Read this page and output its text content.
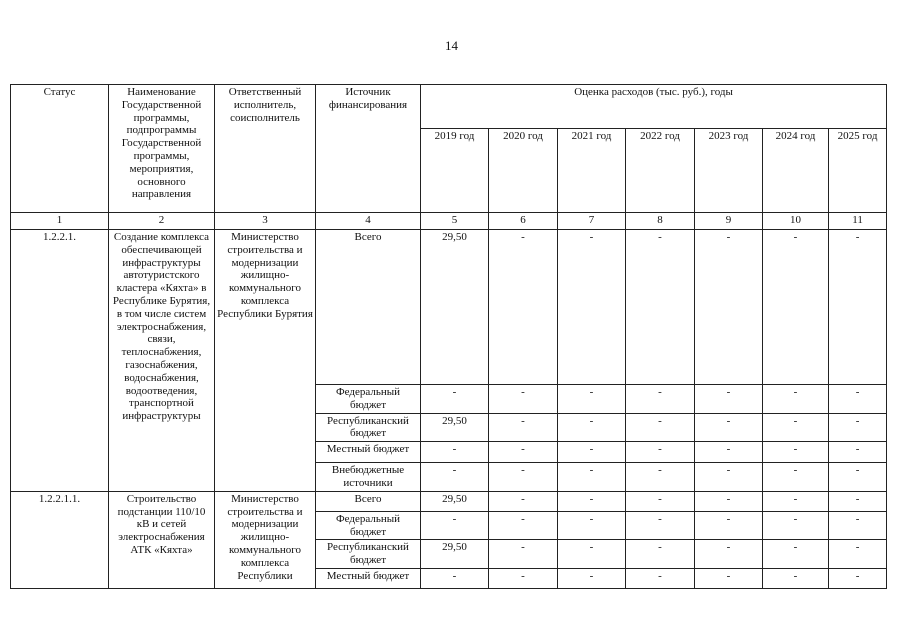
14
Статус	Наименование Государственной программы, подпрограммы Государственной программы, мероприятия, основного направления	Ответственный исполнитель, соисполнитель	Источник финансирования	Оценка расходов (тыс. руб.), годы						
				2019 год	2020 год	2021 год	2022 год	2023 год	2024 год	2025 год
1	2	3	4	5	6	7	8	9	10	11
1.2.2.1.	Создание комплекса обеспечивающей инфраструктуры автотуристского кластера «Кяхта» в Республике Бурятия, в том числе систем электроснабжения, связи, теплоснабжения, газоснабжения, водоснабжения, водоотведения, транспортной инфраструктуры	Министерство строительства и модернизации жилищно-коммунального комплекса Республики Бурятия	Всего	29,50	-	-	-	-	-	-
			Федеральный бюджет	-	-	-	-	-	-	-
			Республиканский бюджет	29,50	-	-	-	-	-	-
			Местный бюджет	-	-	-	-	-	-	-
			Внебюджетные источники	-	-	-	-	-	-	-
1.2.2.1.1.	Строительство подстанции 110/10 кВ и сетей электроснабжения АТК «Кяхта»	Министерство строительства и модернизации жилищно-коммунального комплекса Республики	Всего	29,50	-	-	-	-	-	-
			Федеральный бюджет	-	-	-	-	-	-	-
			Республиканский бюджет	29,50	-	-	-	-	-	-
			Местный бюджет	-	-	-	-	-	-	-
